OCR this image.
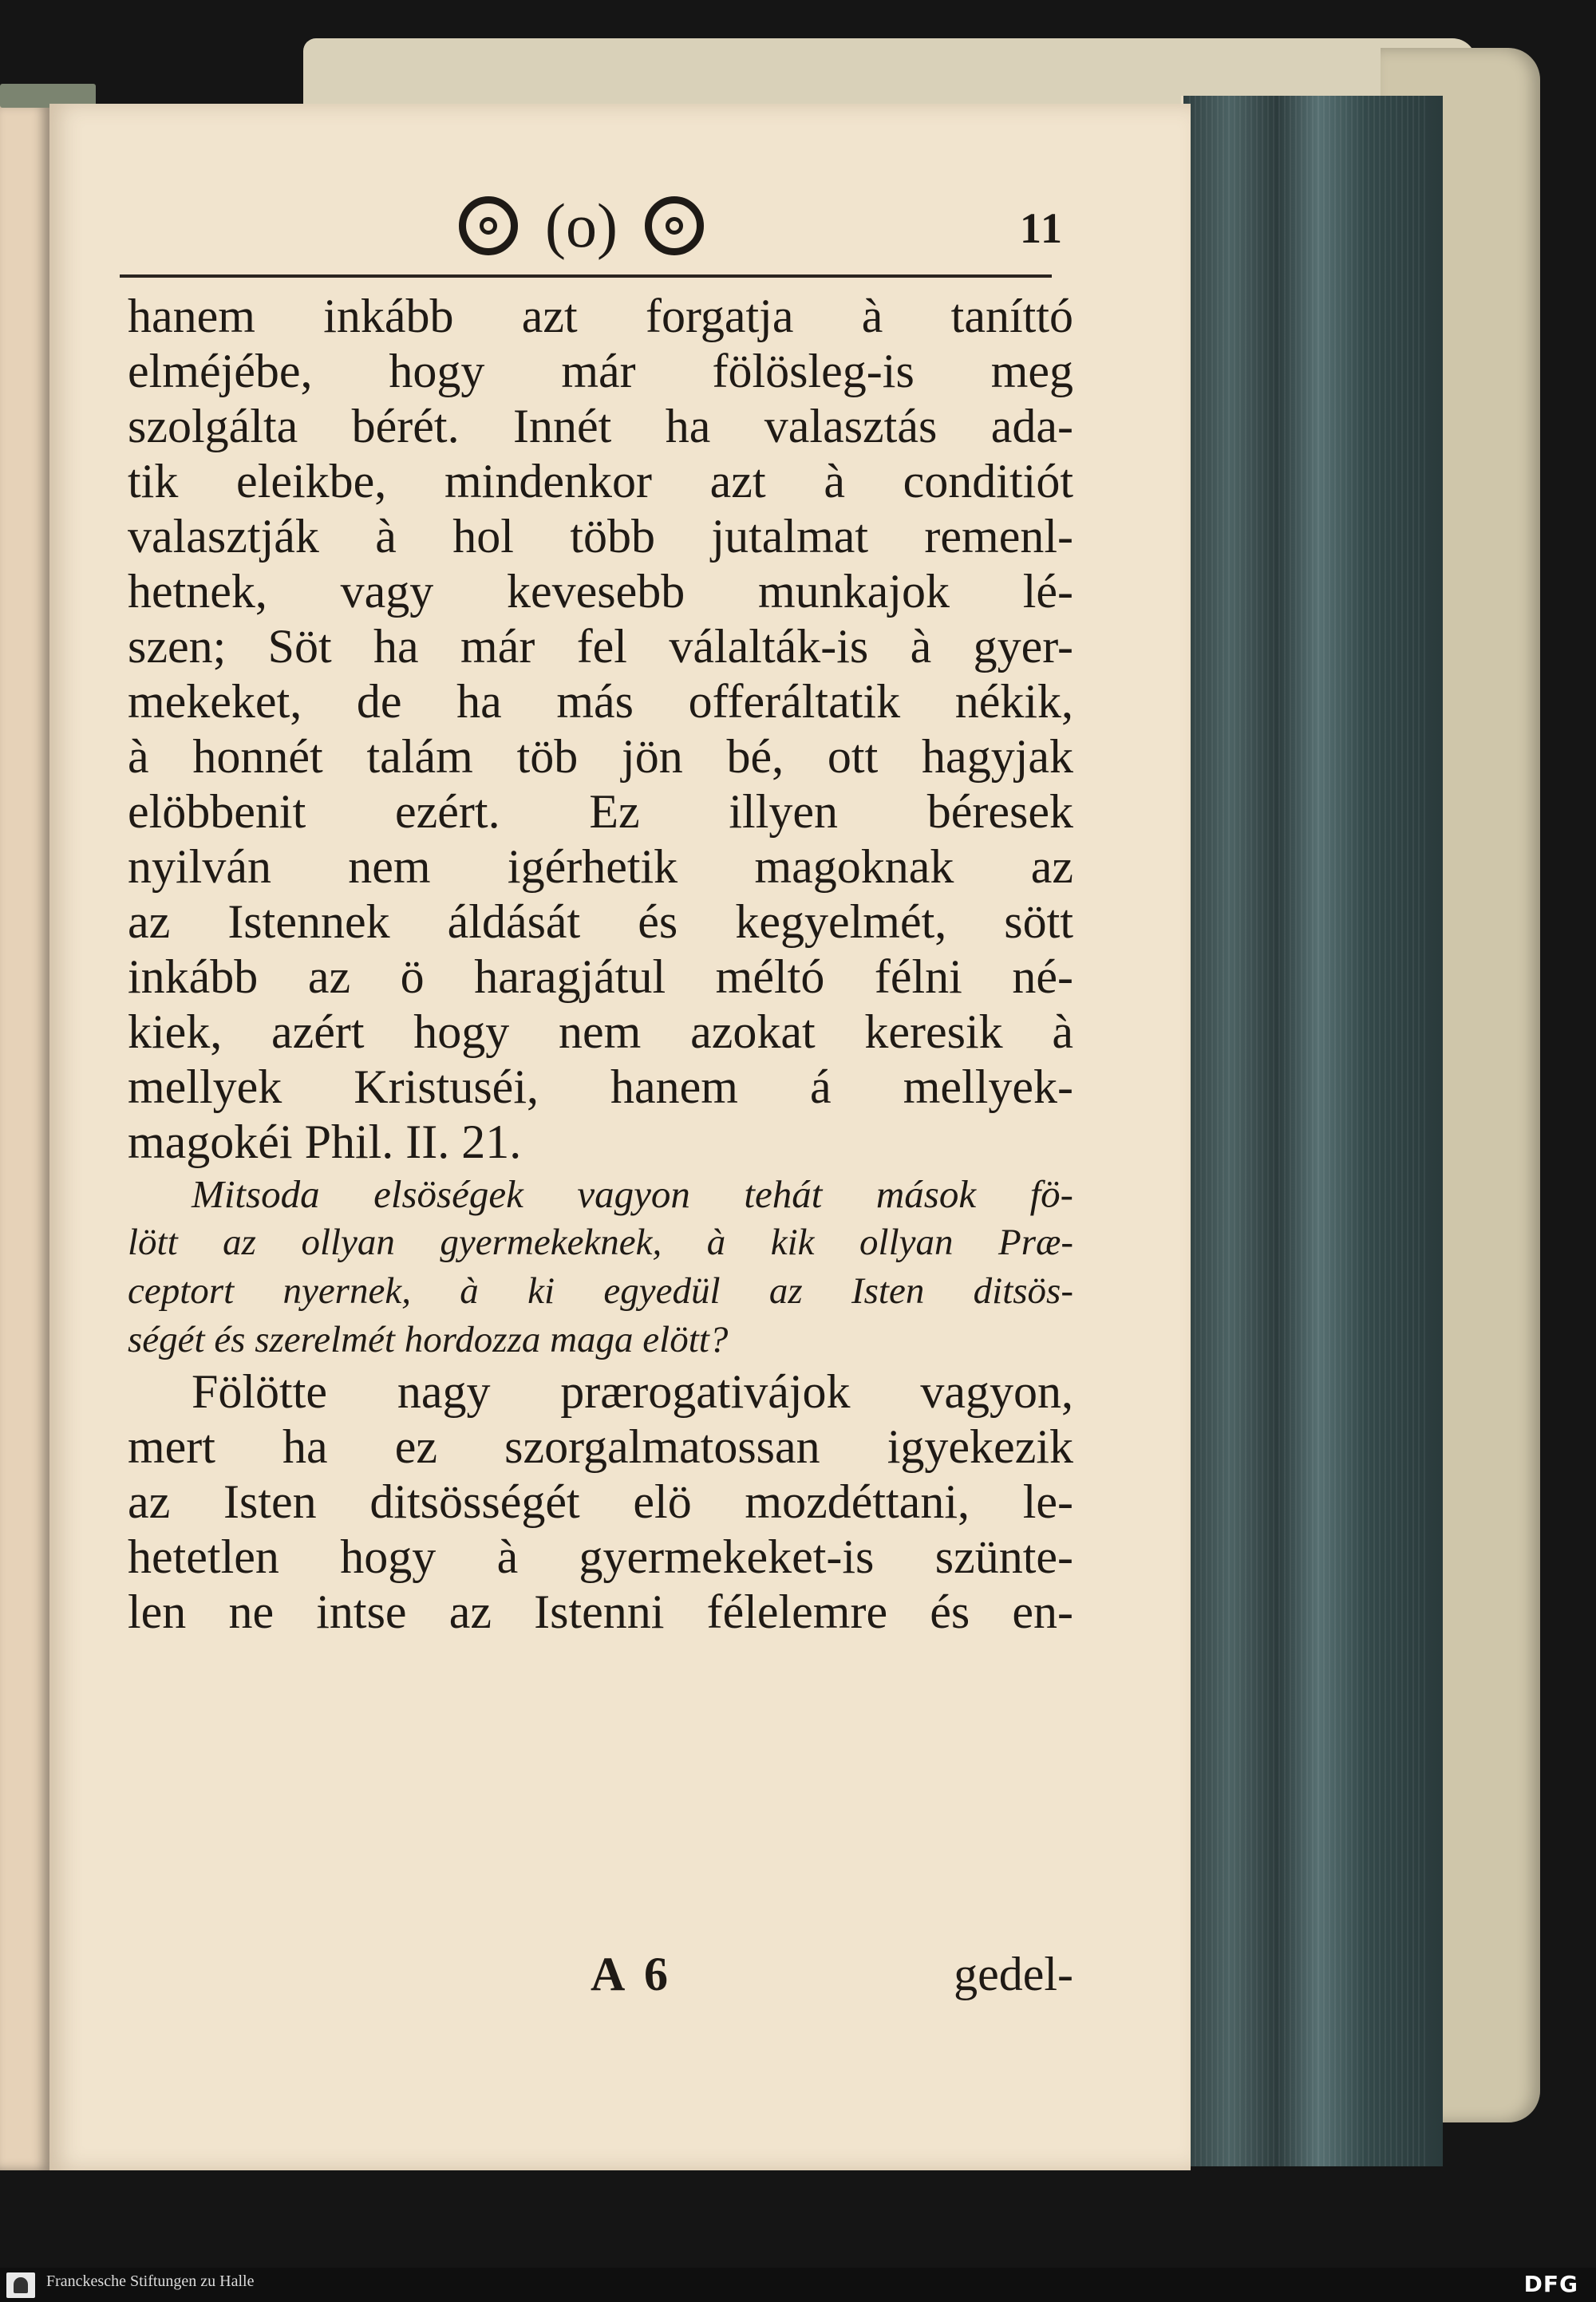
(o)	11
hanem inkább azt forgatja à taníttó
elméjébe, hogy már fölösleg-is meg
szolgálta bérét. Innét ha valasztás ada-
tik eleikbe, mindenkor azt à conditiót
valasztják à hol több jutalmat remenl-
hetnek, vagy kevesebb munkajok lé-
szen; Söt ha már fel válalták-is à gyer-
mekeket, de ha más offeráltatik nékik,
à honnét talám töb jön bé, ott hagyjak
elöbbenit ezért. Ez illyen béresek
nyilván nem igérhetik magoknak az
az Istennek áldását és kegyelmét, sött
inkább az ö haragjátul méltó félni né-
kiek, azért hogy nem azokat keresik à
mellyek Kristuséi, hanem á mellyek-
magokéi Phil. II. 21.
Mitsoda elsöségek vagyon tehát mások fö-
lött az ollyan gyermekeknek, à kik ollyan Præ-
ceptort nyernek, à ki egyedül az Isten ditsös-
ségét és szerelmét hordozza maga elött?
Fölötte nagy prærogativájok vagyon,
mert ha ez szorgalmatossan igyekezik
az Isten ditsösségét elö mozdéttani, le-
hetetlen hogy à gyermekeket-is szünte-
len ne intse az Istenni félelemre és en-
A 6	gedel-
Franckesche Stiftungen zu Halle	DFG
